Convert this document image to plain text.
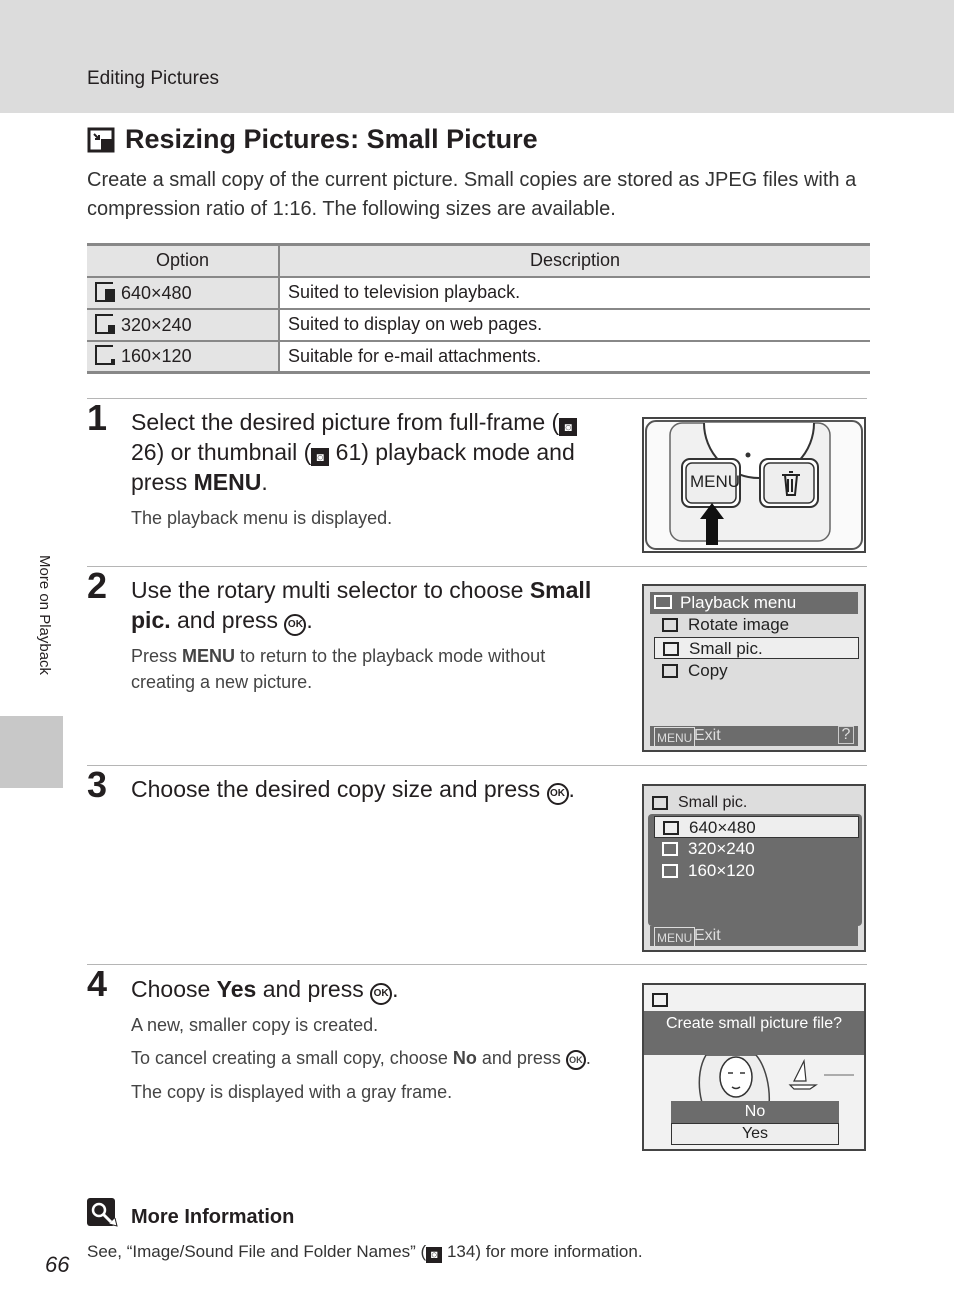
Editing Pictures
More on Playback
Resizing Pictures: Small Picture

Create a small copy of the current picture. Small copies are stored as JPEG files with a compression ratio of 1:16. The following sizes are available.

Option	Description
640×480	Suited to television playback.
320×240	Suited to display on web pages.
160×120	Suitable for e-mail attachments.
1 Select the desired picture from full-frame ( ◙ 26) or thumbnail ( ◙ 61) playback mode and press MENU.
The playback menu is displayed.
MENU
2 Use the rotary multi selector to choose Small pic. and press OK .
Press MENU to return to the playback mode without creating a new picture.
Playback menu
Rotate image
Small pic.
Copy
MENU Exit	?
3 Choose the desired copy size and press OK .
Small pic.
640×480
320×240
160×120
MENU Exit
4 Choose Yes and press OK .
A new, smaller copy is created.
To cancel creating a small copy, choose No and press OK .
The copy is displayed with a gray frame.
Create small picture file?
No
Yes
More Information
See, “Image/Sound File and Folder Names” ( ◙ 134) for more information.
66
